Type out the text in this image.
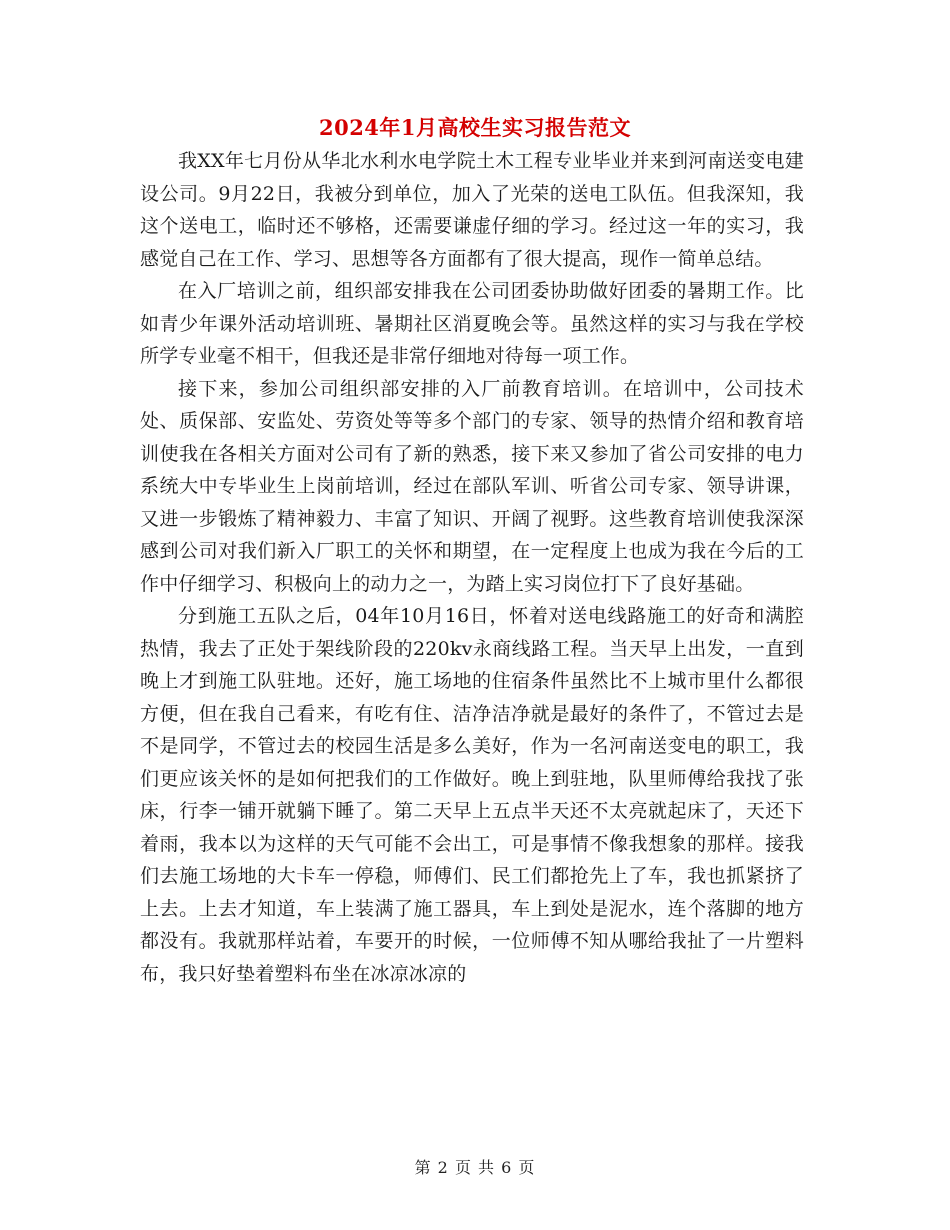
2024年1月高校生实习报告范文

我XX年七月份从华北水利水电学院土木工程专业毕业并来到河南送变电建设公司。9月22日，我被分到单位，加入了光荣的送电工队伍。但我深知，我这个送电工，临时还不够格，还需要谦虚仔细的学习。经过这一年的实习，我感觉自己在工作、学习、思想等各方面都有了很大提高，现作一简单总结。

在入厂培训之前，组织部安排我在公司团委协助做好团委的暑期工作。比如青少年课外活动培训班、暑期社区消夏晚会等。虽然这样的实习与我在学校所学专业毫不相干，但我还是非常仔细地对待每一项工作。

接下来，参加公司组织部安排的入厂前教育培训。在培训中，公司技术处、质保部、安监处、劳资处等等多个部门的专家、领导的热情介绍和教育培训使我在各相关方面对公司有了新的熟悉，接下来又参加了省公司安排的电力系统大中专毕业生上岗前培训，经过在部队军训、听省公司专家、领导讲课，又进一步锻炼了精神毅力、丰富了知识、开阔了视野。这些教育培训使我深深感到公司对我们新入厂职工的关怀和期望，在一定程度上也成为我在今后的工作中仔细学习、积极向上的动力之一，为踏上实习岗位打下了良好基础。

分到施工五队之后，04年10月16日，怀着对送电线路施工的好奇和满腔热情，我去了正处于架线阶段的220kv永商线路工程。当天早上出发，一直到晚上才到施工队驻地。还好，施工场地的住宿条件虽然比不上城市里什么都很方便，但在我自己看来，有吃有住、洁净洁净就是最好的条件了，不管过去是不是同学，不管过去的校园生活是多么美好，作为一名河南送变电的职工，我们更应该关怀的是如何把我们的工作做好。晚上到驻地，队里师傅给我找了张床，行李一铺开就躺下睡了。第二天早上五点半天还不太亮就起床了，天还下着雨，我本以为这样的天气可能不会出工，可是事情不像我想象的那样。接我们去施工场地的大卡车一停稳，师傅们、民工们都抢先上了车，我也抓紧挤了上去。上去才知道，车上装满了施工器具，车上到处是泥水，连个落脚的地方都没有。我就那样站着，车要开的时候，一位师傅不知从哪给我扯了一片塑料布，我只好垫着塑料布坐在冰凉冰凉的

第 2 页 共 6 页
